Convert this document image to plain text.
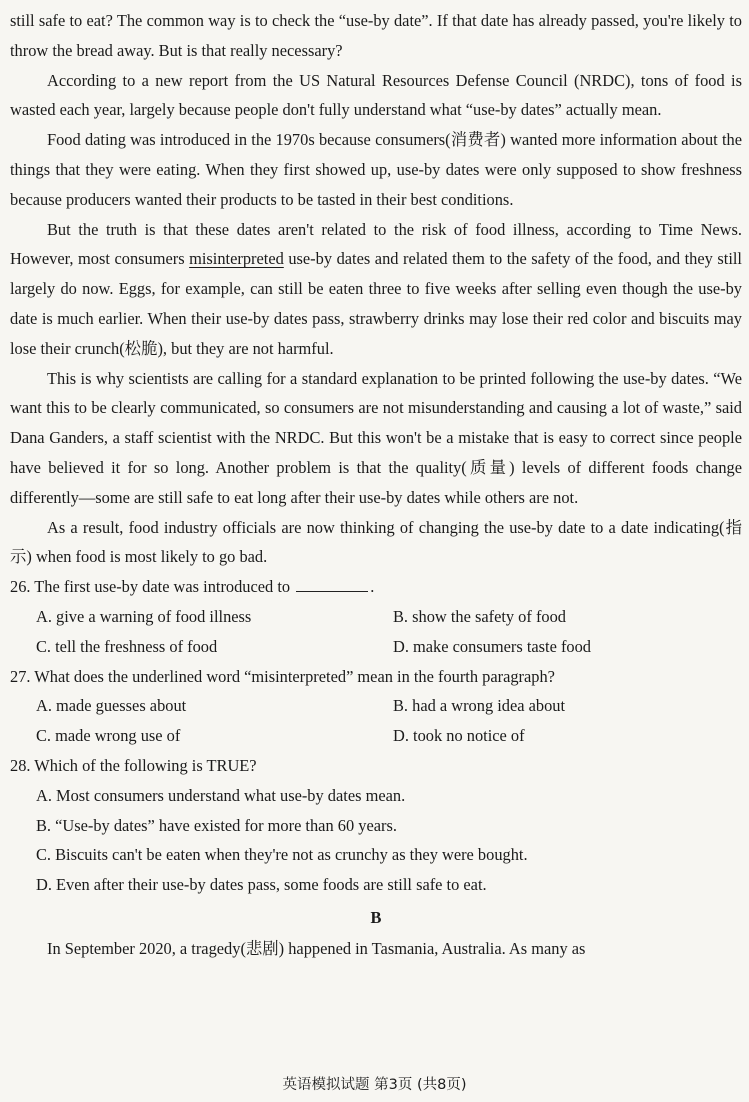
still safe to eat? The common way is to check the “use-by date”. If that date has already passed, you're likely to throw the bread away. But is that really necessary?

According to a new report from the US Natural Resources Defense Council (NRDC), tons of food is wasted each year, largely because people don't fully understand what “use-by dates” actually mean.

Food dating was introduced in the 1970s because consumers(消费者) wanted more information about the things that they were eating. When they first showed up, use-by dates were only supposed to show freshness because producers wanted their products to be tasted in their best conditions.

But the truth is that these dates aren't related to the risk of food illness, according to Time News. However, most consumers misinterpreted use-by dates and related them to the safety of the food, and they still largely do now. Eggs, for example, can still be eaten three to five weeks after selling even though the use-by date is much earlier. When their use-by dates pass, strawberry drinks may lose their red color and biscuits may lose their crunch(松脆), but they are not harmful.

This is why scientists are calling for a standard explanation to be printed following the use-by dates. “We want this to be clearly communicated, so consumers are not misunderstanding and causing a lot of waste,” said Dana Ganders, a staff scientist with the NRDC. But this won't be a mistake that is easy to correct since people have believed it for so long. Another problem is that the quality(质量) levels of different foods change differently—some are still safe to eat long after their use-by dates while others are not.

As a result, food industry officials are now thinking of changing the use-by date to a date indicating(指示) when food is most likely to go bad.

26. The first use-by date was introduced to	.

A. give a warning of food illness	B. show the safety of food

C. tell the freshness of food	D. make consumers taste food

27. What does the underlined word “misinterpreted” mean in the fourth paragraph?

A. made guesses about	B. had a wrong idea about

C. made wrong use of	D. took no notice of

28. Which of the following is TRUE?

A. Most consumers understand what use-by dates mean.

B. “Use-by dates” have existed for more than 60 years.

C. Biscuits can't be eaten when they're not as crunchy as they were bought.

D. Even after their use-by dates pass, some foods are still safe to eat.

B

In September 2020, a tragedy(悲剧) happened in Tasmania, Australia. As many as

英语模拟试题 第3页 (共8页)
